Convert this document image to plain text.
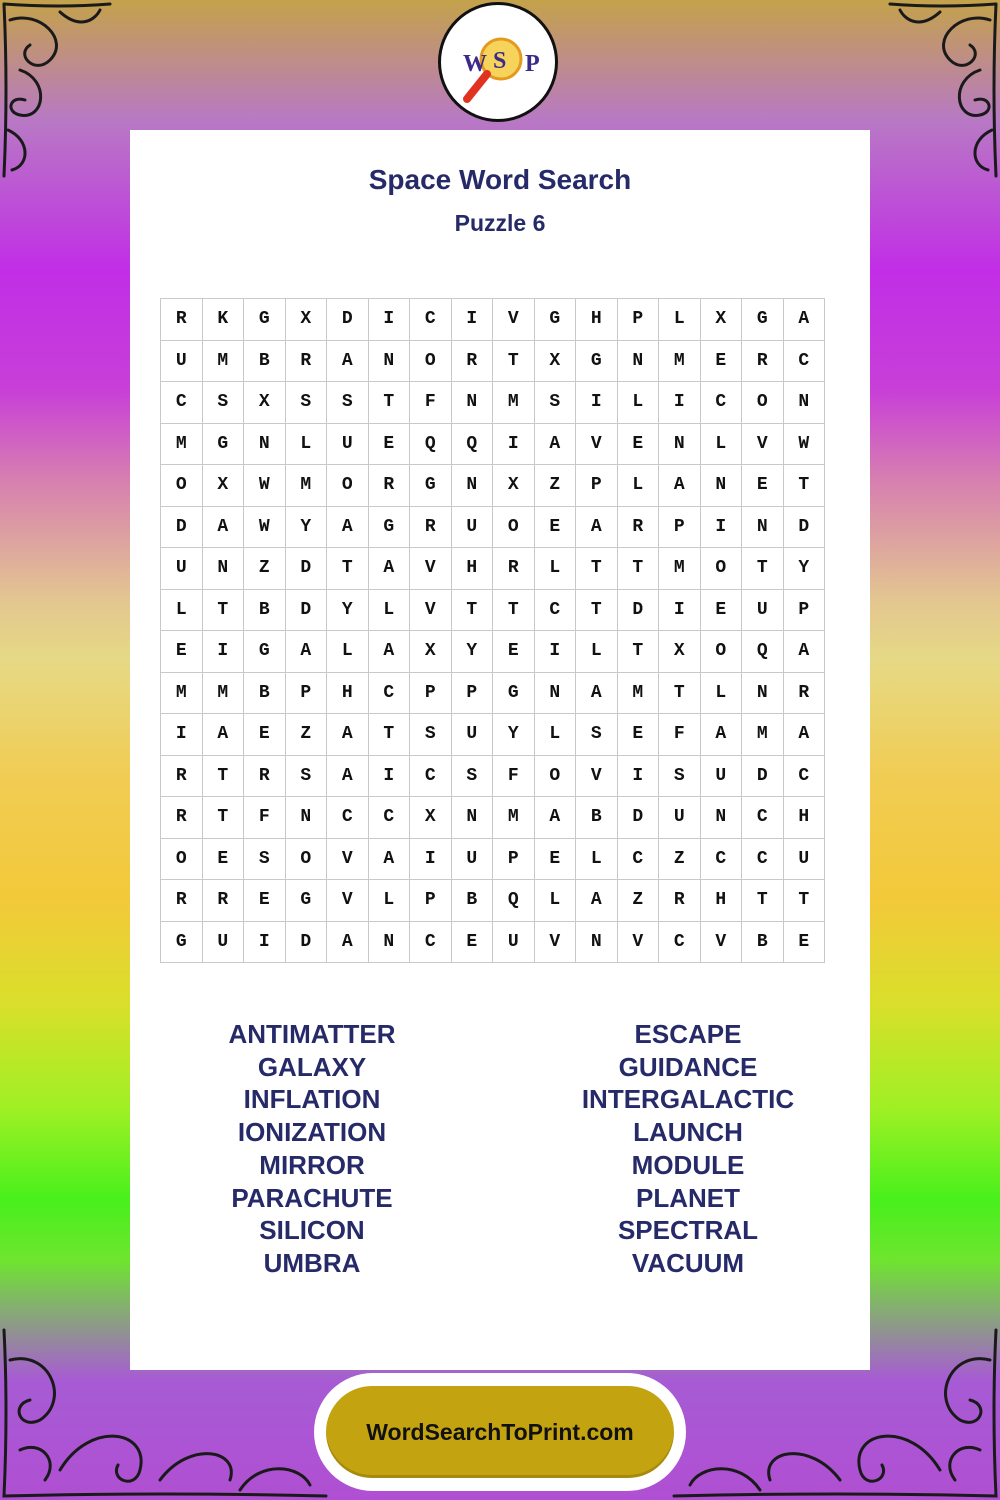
W S P
Space Word Search
Puzzle 6
R	K	G	X	D	I	C	I	V	G	H	P	L	X	G	A
U	M	B	R	A	N	O	R	T	X	G	N	M	E	R	C
C	S	X	S	S	T	F	N	M	S	I	L	I	C	O	N
M	G	N	L	U	E	Q	Q	I	A	V	E	N	L	V	W
O	X	W	M	O	R	G	N	X	Z	P	L	A	N	E	T
D	A	W	Y	A	G	R	U	O	E	A	R	P	I	N	D
U	N	Z	D	T	A	V	H	R	L	T	T	M	O	T	Y
L	T	B	D	Y	L	V	T	T	C	T	D	I	E	U	P
E	I	G	A	L	A	X	Y	E	I	L	T	X	O	Q	A
M	M	B	P	H	C	P	P	G	N	A	M	T	L	N	R
I	A	E	Z	A	T	S	U	Y	L	S	E	F	A	M	A
R	T	R	S	A	I	C	S	F	O	V	I	S	U	D	C
R	T	F	N	C	C	X	N	M	A	B	D	U	N	C	H
O	E	S	O	V	A	I	U	P	E	L	C	Z	C	C	U
R	R	E	G	V	L	P	B	Q	L	A	Z	R	H	T	T
G	U	I	D	A	N	C	E	U	V	N	V	C	V	B	E
ANTIMATTER
GALAXY
INFLATION
IONIZATION
MIRROR
PARACHUTE
SILICON
UMBRA
ESCAPE
GUIDANCE
INTERGALACTIC
LAUNCH
MODULE
PLANET
SPECTRAL
VACUUM
WordSearchToPrint.com
